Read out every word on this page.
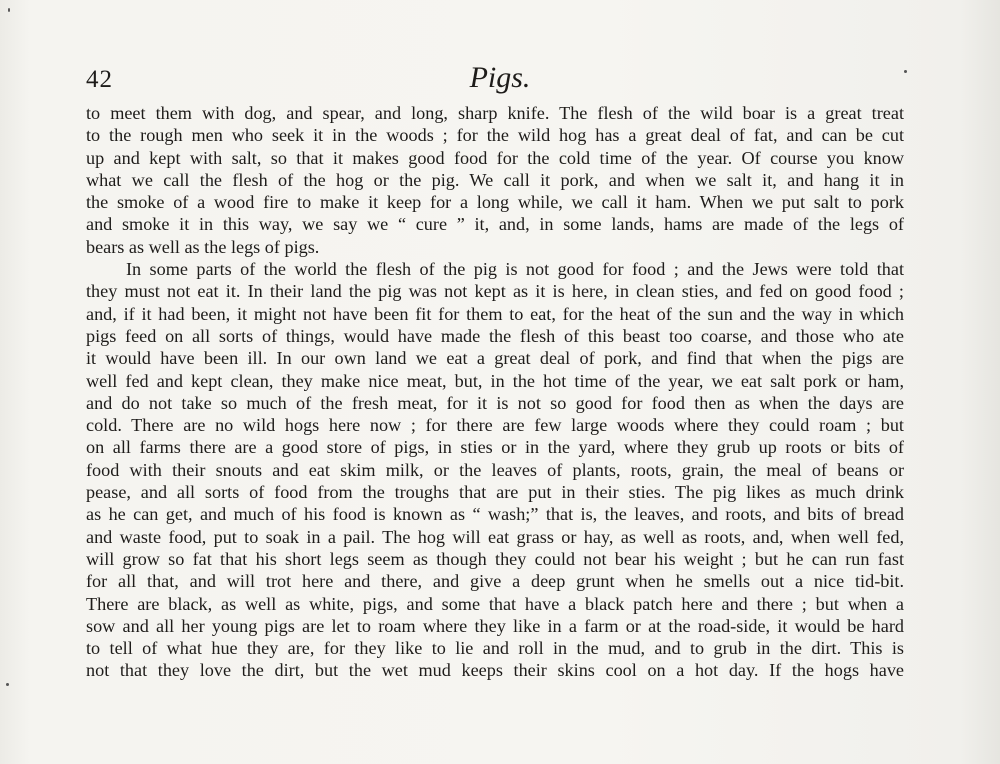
42	Pigs.

to meet them with dog, and spear, and long, sharp knife. The flesh of the wild boar is a great treat
to the rough men who seek it in the woods ; for the wild hog has a great deal of fat, and can be cut
up and kept with salt, so that it makes good food for the cold time of the year. Of course you know
what we call the flesh of the hog or the pig. We call it pork, and when we salt it, and hang it in
the smoke of a wood fire to make it keep for a long while, we call it ham. When we put salt to pork
and smoke it in this way, we say we “ cure ” it, and, in some lands, hams are made of the legs of
bears as well as the legs of pigs.

In some parts of the world the flesh of the pig is not good for food ; and the Jews were told that
they must not eat it. In their land the pig was not kept as it is here, in clean sties, and fed on good food ;
and, if it had been, it might not have been fit for them to eat, for the heat of the sun and the way in which
pigs feed on all sorts of things, would have made the flesh of this beast too coarse, and those who ate
it would have been ill. In our own land we eat a great deal of pork, and find that when the pigs are
well fed and kept clean, they make nice meat, but, in the hot time of the year, we eat salt pork or ham,
and do not take so much of the fresh meat, for it is not so good for food then as when the days are
cold. There are no wild hogs here now ; for there are few large woods where they could roam ; but
on all farms there are a good store of pigs, in sties or in the yard, where they grub up roots or bits of
food with their snouts and eat skim milk, or the leaves of plants, roots, grain, the meal of beans or
pease, and all sorts of food from the troughs that are put in their sties. The pig likes as much drink
as he can get, and much of his food is known as “ wash;” that is, the leaves, and roots, and bits of bread
and waste food, put to soak in a pail. The hog will eat grass or hay, as well as roots, and, when well fed,
will grow so fat that his short legs seem as though they could not bear his weight ; but he can run fast
for all that, and will trot here and there, and give a deep grunt when he smells out a nice tid-bit.
There are black, as well as white, pigs, and some that have a black patch here and there ; but when a
sow and all her young pigs are let to roam where they like in a farm or at the road-side, it would be hard
to tell of what hue they are, for they like to lie and roll in the mud, and to grub in the dirt. This is
not that they love the dirt, but the wet mud keeps their skins cool on a hot day. If the hogs have
